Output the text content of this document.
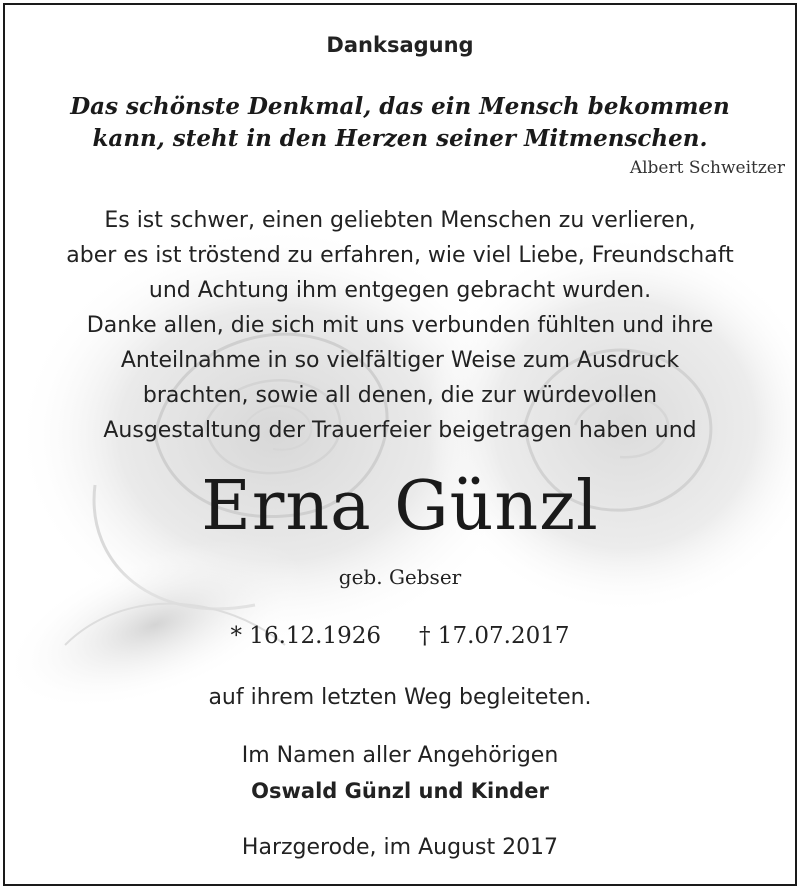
Danksagung
Das schönste Denkmal, das ein Mensch bekommen
kann, steht in den Herzen seiner Mitmenschen.
Albert Schweitzer
Es ist schwer, einen geliebten Menschen zu verlieren,
aber es ist tröstend zu erfahren, wie viel Liebe, Freundschaft
und Achtung ihm entgegen gebracht wurden.
Danke allen, die sich mit uns verbunden fühlten und ihre
Anteilnahme in so vielfältiger Weise zum Ausdruck
brachten, sowie all denen, die zur würdevollen
Ausgestaltung der Trauerfeier beigetragen haben und
Erna Günzl
geb. Gebser
* 16.12.1926 † 17.07.2017
auf ihrem letzten Weg begleiteten.
Im Namen aller Angehörigen
Oswald Günzl und Kinder
Harzgerode, im August 2017
